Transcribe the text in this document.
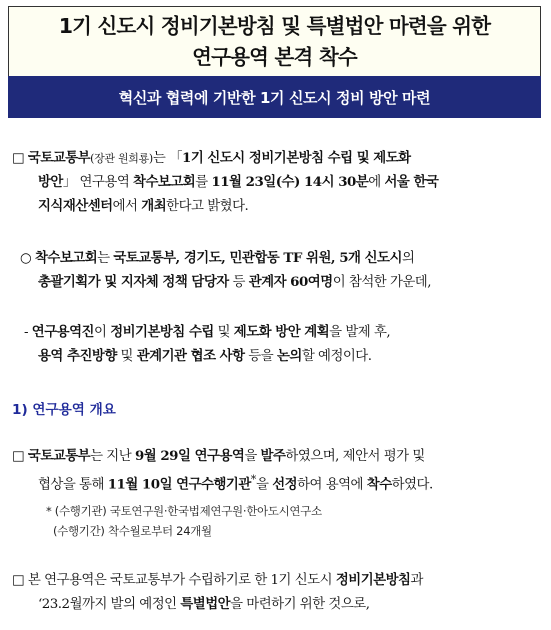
1기 신도시 정비기본방침 및 특별법안 마련을 위한
연구용역 본격 착수
혁신과 협력에 기반한 1기 신도시 정비 방안 마련
□ 국토교통부(장관 원희룡)는 「1기 신도시 정비기본방침 수립 및 제도화
방안」 연구용역 착수보고회를 11월 23일(수) 14시 30분에 서울 한국
지식재산센터에서 개최한다고 밝혔다.
○ 착수보고회는 국토교통부, 경기도, 민관합동 TF 위원, 5개 신도시의
총괄기획가 및 지자체 정책 담당자 등 관계자 60여명이 참석한 가운데,
- 연구용역진이 정비기본방침 수립 및 제도화 방안 계획을 발제 후,
용역 추진방향 및 관계기관 협조 사항 등을 논의할 예정이다.
1) 연구용역 개요
□ 국토교통부는 지난 9월 29일 연구용역을 발주하였으며, 제안서 평가 및
협상을 통해 11월 10일 연구수행기관*을 선정하여 용역에 착수하였다.
* (수행기관) 국토연구원·한국법제연구원·한아도시연구소
(수행기간) 착수월로부터 24개월
□ 본 연구용역은 국토교통부가 수립하기로 한 1기 신도시 정비기본방침과
‘23.2월까지 발의 예정인 특별법안을 마련하기 위한 것으로,
